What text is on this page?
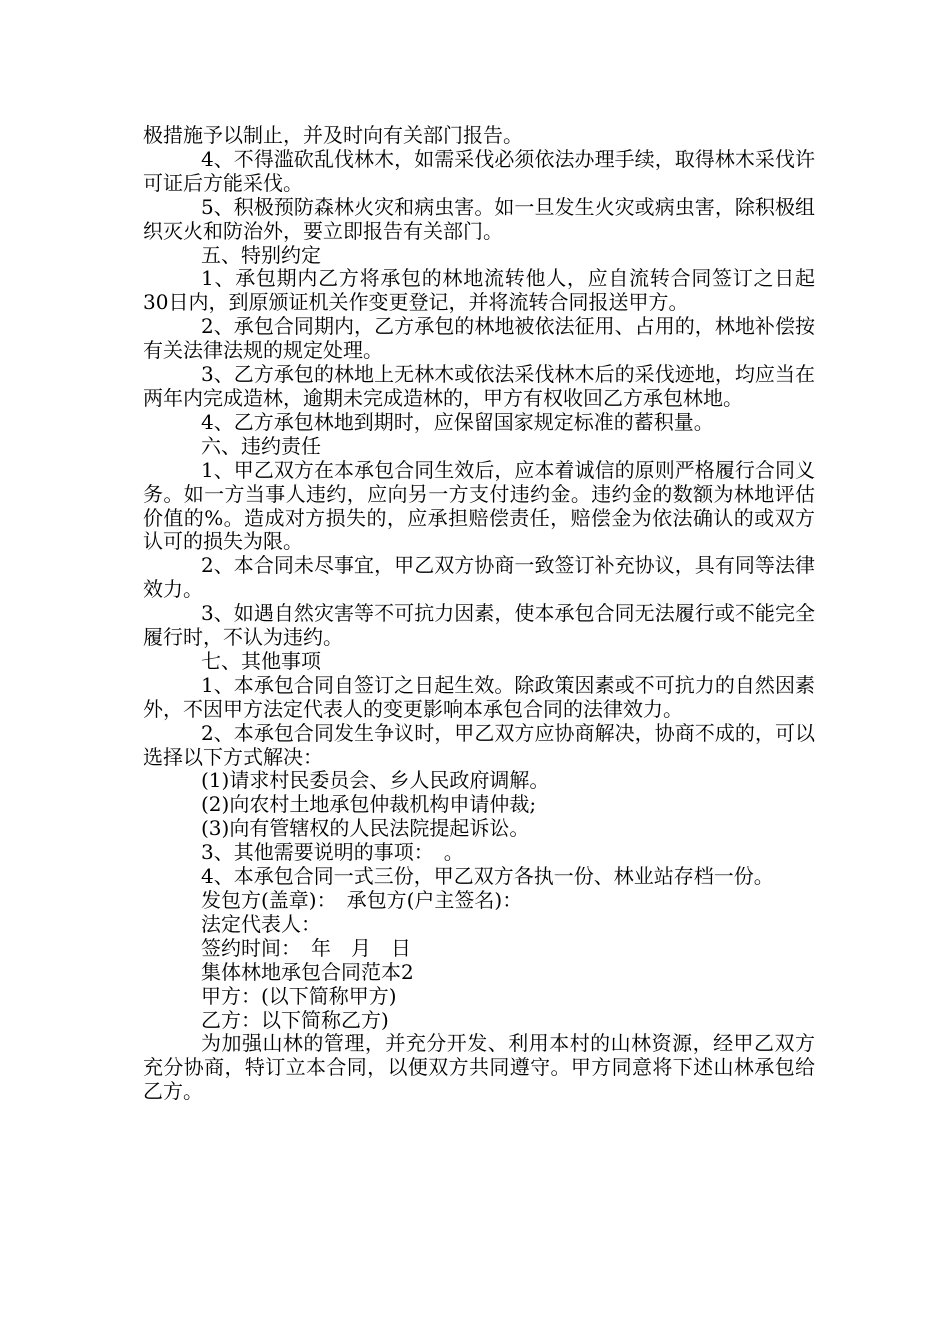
极措施予以制止，并及时向有关部门报告。

4、不得滥砍乱伐林木，如需采伐必须依法办理手续，取得林木采伐许可证后方能采伐。

5、积极预防森林火灾和病虫害。如一旦发生火灾或病虫害，除积极组织灭火和防治外，要立即报告有关部门。

五、特别约定

1、承包期内乙方将承包的林地流转他人，应自流转合同签订之日起30日内，到原颁证机关作变更登记，并将流转合同报送甲方。

2、承包合同期内，乙方承包的林地被依法征用、占用的，林地补偿按有关法律法规的规定处理。

3、乙方承包的林地上无林木或依法采伐林木后的采伐迹地，均应当在两年内完成造林，逾期未完成造林的，甲方有权收回乙方承包林地。

4、乙方承包林地到期时，应保留国家规定标准的蓄积量。

六、违约责任

1、甲乙双方在本承包合同生效后，应本着诚信的原则严格履行合同义务。如一方当事人违约，应向另一方支付违约金。违约金的数额为林地评估价值的%。造成对方损失的，应承担赔偿责任，赔偿金为依法确认的或双方认可的损失为限。

2、本合同未尽事宜，甲乙双方协商一致签订补充协议，具有同等法律效力。

3、如遇自然灾害等不可抗力因素，使本承包合同无法履行或不能完全履行时，不认为违约。

七、其他事项

1、本承包合同自签订之日起生效。除政策因素或不可抗力的自然因素外，不因甲方法定代表人的变更影响本承包合同的法律效力。

2、本承包合同发生争议时，甲乙双方应协商解决，协商不成的，可以选择以下方式解决：

(1)请求村民委员会、乡人民政府调解。

(2)向农村土地承包仲裁机构申请仲裁;

(3)向有管辖权的人民法院提起诉讼。

3、其他需要说明的事项：　。

4、本承包合同一式三份，甲乙双方各执一份、林业站存档一份。

发包方(盖章)：　承包方(户主签名)：

法定代表人：

签约时间：　年　月　日

集体林地承包合同范本2

甲方：(以下简称甲方)

乙方：以下简称乙方)

为加强山林的管理，并充分开发、利用本村的山林资源，经甲乙双方充分协商，特订立本合同，以便双方共同遵守。甲方同意将下述山林承包给乙方。
